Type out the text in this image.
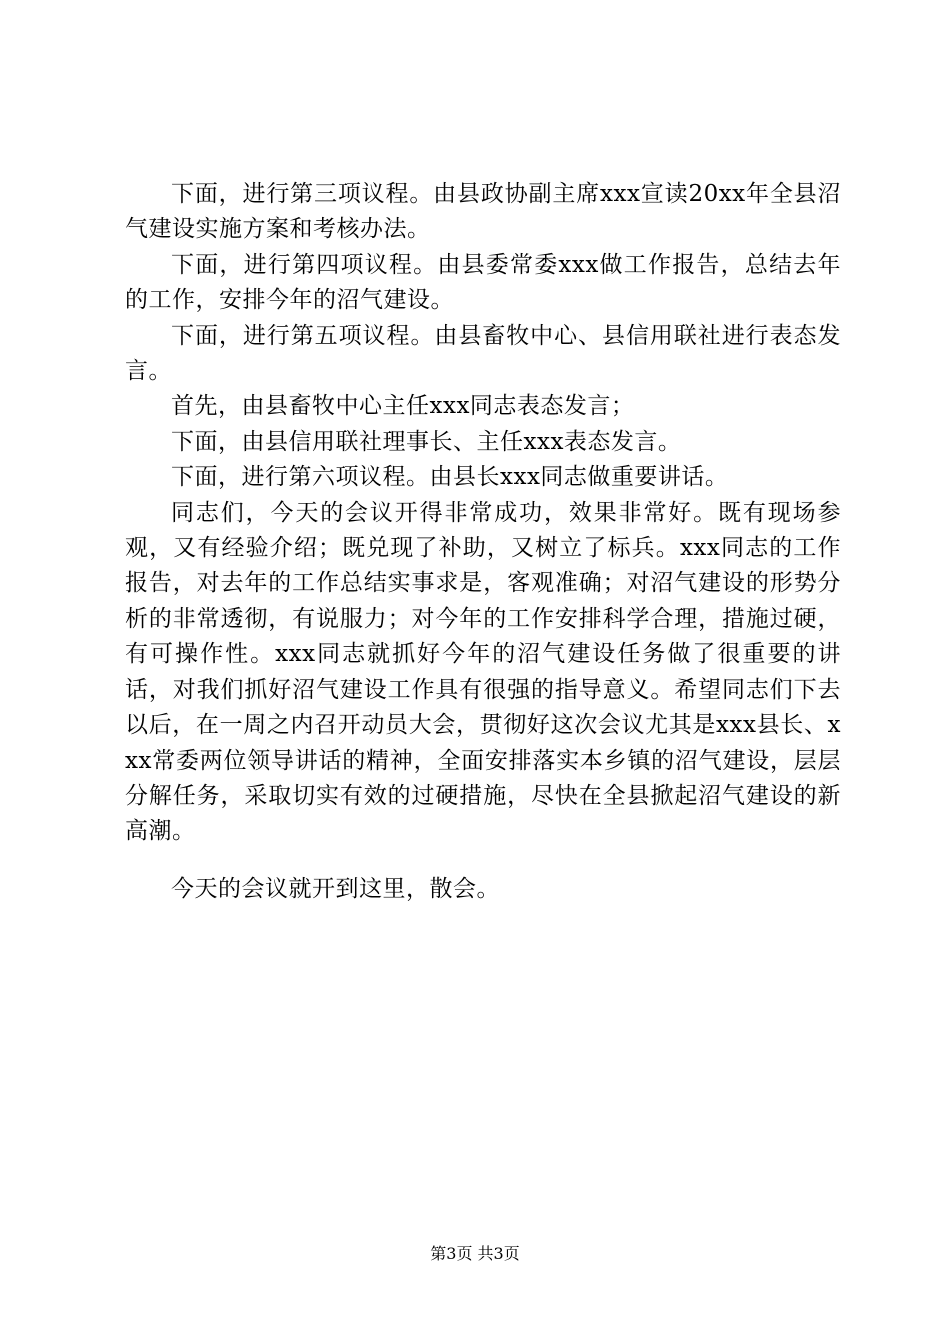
下面，进行第三项议程。由县政协副主席xxx宣读20xx年全县沼气建设实施方案和考核办法。

下面，进行第四项议程。由县委常委xxx做工作报告，总结去年的工作，安排今年的沼气建设。

下面，进行第五项议程。由县畜牧中心、县信用联社进行表态发言。

首先，由县畜牧中心主任xxx同志表态发言；

下面，由县信用联社理事长、主任xxx表态发言。

下面，进行第六项议程。由县长xxx同志做重要讲话。

同志们，今天的会议开得非常成功，效果非常好。既有现场参观，又有经验介绍；既兑现了补助，又树立了标兵。xxx同志的工作报告，对去年的工作总结实事求是，客观准确；对沼气建设的形势分析的非常透彻，有说服力；对今年的工作安排科学合理，措施过硬，有可操作性。xxx同志就抓好今年的沼气建设任务做了很重要的讲话，对我们抓好沼气建设工作具有很强的指导意义。希望同志们下去以后，在一周之内召开动员大会，贯彻好这次会议尤其是xxx县长、xxx常委两位领导讲话的精神，全面安排落实本乡镇的沼气建设，层层分解任务，采取切实有效的过硬措施，尽快在全县掀起沼气建设的新高潮。

今天的会议就开到这里，散会。

第3页 共3页
